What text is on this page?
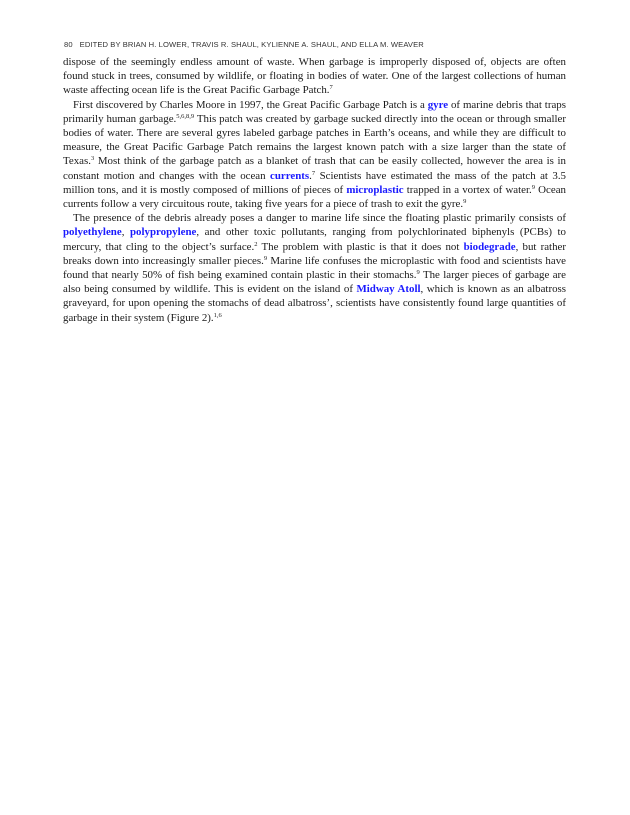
80 EDITED BY BRIAN H. LOWER, TRAVIS R. SHAUL, KYLIENNE A. SHAUL, AND ELLA M. WEAVER

dispose of the seemingly endless amount of waste. When garbage is improperly disposed of, objects are often found stuck in trees, consumed by wildlife, or floating in bodies of water. One of the largest collections of human waste affecting ocean life is the Great Pacific Garbage Patch.$^7$

First discovered by Charles Moore in 1997, the Great Pacific Garbage Patch is a gyre of marine debris that traps primarily human garbage.$^{5,6,8,9}$ This patch was created by garbage sucked directly into the ocean or through smaller bodies of water. There are several gyres labeled garbage patches in Earth’s oceans, and while they are difficult to measure, the Great Pacific Garbage Patch remains the largest known patch with a size larger than the state of Texas.$^3$ Most think of the garbage patch as a blanket of trash that can be easily collected, however the area is in constant motion and changes with the ocean currents.$^7$ Scientists have estimated the mass of the patch at 3.5 million tons, and it is mostly composed of millions of pieces of microplastic trapped in a vortex of water.$^9$ Ocean currents follow a very circuitous route, taking five years for a piece of trash to exit the gyre.$^9$

The presence of the debris already poses a danger to marine life since the floating plastic primarily consists of polyethylene, polypropylene, and other toxic pollutants, ranging from polychlorinated biphenyls (PCBs) to mercury, that cling to the object’s surface.$^2$ The problem with plastic is that it does not biodegrade, but rather breaks down into increasingly smaller pieces.$^9$ Marine life confuses the microplastic with food and scientists have found that nearly 50% of fish being examined contain plastic in their stomachs.$^9$ The larger pieces of garbage are also being consumed by wildlife. This is evident on the island of Midway Atoll, which is known as an albatross graveyard, for upon opening the stomachs of dead albatross’, scientists have consistently found large quantities of garbage in their system (Figure 2).$^{1,6}$
